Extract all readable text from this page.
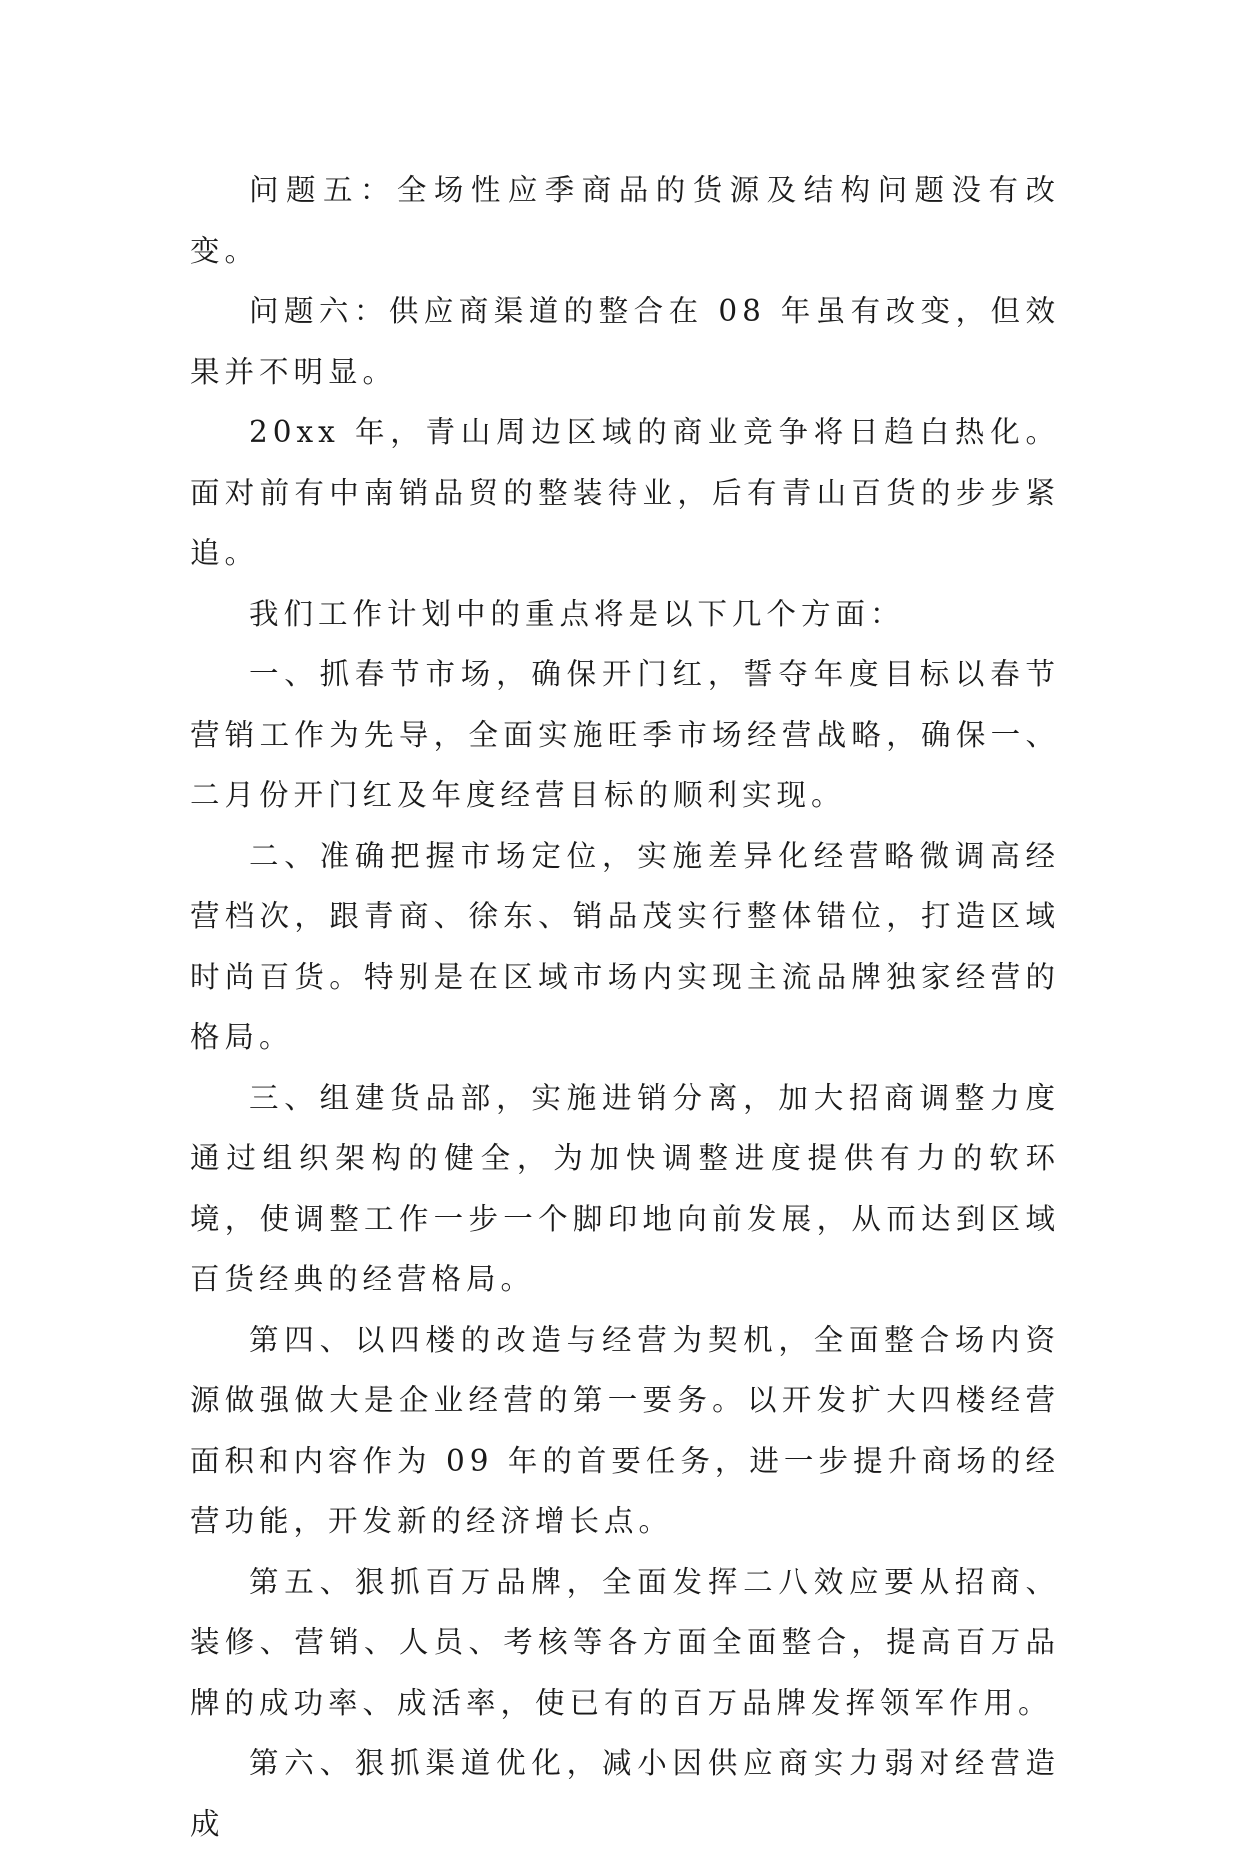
问题五：全场性应季商品的货源及结构问题没有改变。

问题六：供应商渠道的整合在 08 年虽有改变，但效果并不明显。

20xx 年，青山周边区域的商业竞争将日趋白热化。面对前有中南销品贸的整装待业，后有青山百货的步步紧追。

我们工作计划中的重点将是以下几个方面：

一、抓春节市场，确保开门红，誓夺年度目标以春节营销工作为先导，全面实施旺季市场经营战略，确保一、二月份开门红及年度经营目标的顺利实现。

二、准确把握市场定位，实施差异化经营略微调高经营档次，跟青商、徐东、销品茂实行整体错位，打造区域时尚百货。特别是在区域市场内实现主流品牌独家经营的格局。

三、组建货品部，实施进销分离，加大招商调整力度通过组织架构的健全，为加快调整进度提供有力的软环境，使调整工作一步一个脚印地向前发展，从而达到区域百货经典的经营格局。

第四、以四楼的改造与经营为契机，全面整合场内资源做强做大是企业经营的第一要务。以开发扩大四楼经营面积和内容作为 09 年的首要任务，进一步提升商场的经营功能，开发新的经济增长点。

第五、狠抓百万品牌，全面发挥二八效应要从招商、装修、营销、人员、考核等各方面全面整合，提高百万品牌的成功率、成活率，使已有的百万品牌发挥领军作用。

第六、狠抓渠道优化，减小因供应商实力弱对经营造成
